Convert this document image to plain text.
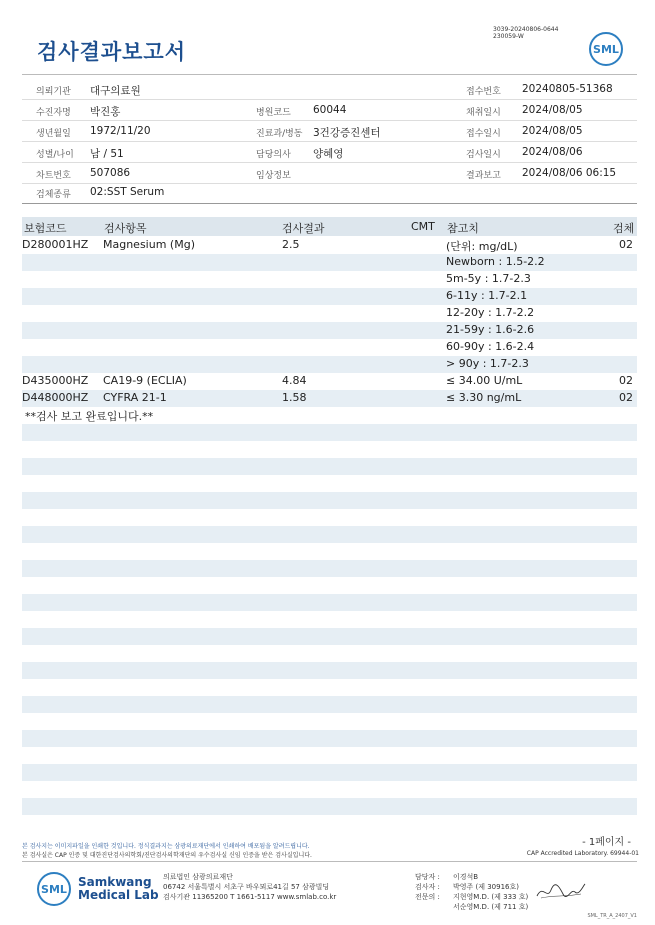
검사결과보고서
3039-20240806-0644
230059-W
SML
의뢰기관 대구의료원	접수번호 20240805-51368
수진자명 박진홍	병원코드 60044	채취일시 2024/08/05
생년월일 1972/11/20	진료과/병동 3건강증진센터	접수일시 2024/08/05
성별/나이 남 / 51	담당의사 양혜영	검사일시 2024/08/06
차트번호 507086	임상정보	결과보고 2024/08/06 06:15
검체종류 02:SST Serum
보험코드	검사항목	검사결과	CMT 참고치	검체
D280001HZ Magnesium (Mg)	2.5	(단위: mg/dL)	02
Newborn : 1.5-2.2
5m-5y : 1.7-2.3
6-11y : 1.7-2.1
12-20y : 1.7-2.2
21-59y : 1.6-2.6
60-90y : 1.6-2.4
> 90y : 1.7-2.3
D435000HZ CA19-9 (ECLIA)	4.84	≤ 34.00 U/mL	02
D448000HZ CYFRA 21-1	1.58	≤ 3.30 ng/mL	02
**검사 보고 완료입니다.**
본 검사지는 이미지파일을 인쇄한 것입니다. 정식결과지는 삼광의료재단에서 인쇄하여 배포됨을 알려드립니다.
본 검사실은 CAP 인증 및 대한진단검사의학회/진단검사의학재단의 우수검사실 신임 인증을 받은 검사실입니다.
- 1페이지 -
CAP Accredited Laboratory. 69944-01
SML Samkwang
Medical Lab
의료법인 삼광의료재단
06742 서울특별시 서초구 바우뫼로41길 57 삼광빌딩
검사기관 11365200 T 1661-5117 www.smlab.co.kr
담당자 : 이경석B
검사자 : 박영주 (제 30916호)
전문의 : 지현영M.D. (제 333 호)
서순영M.D. (제 711 호)
SML_TR_A_2407_V1
